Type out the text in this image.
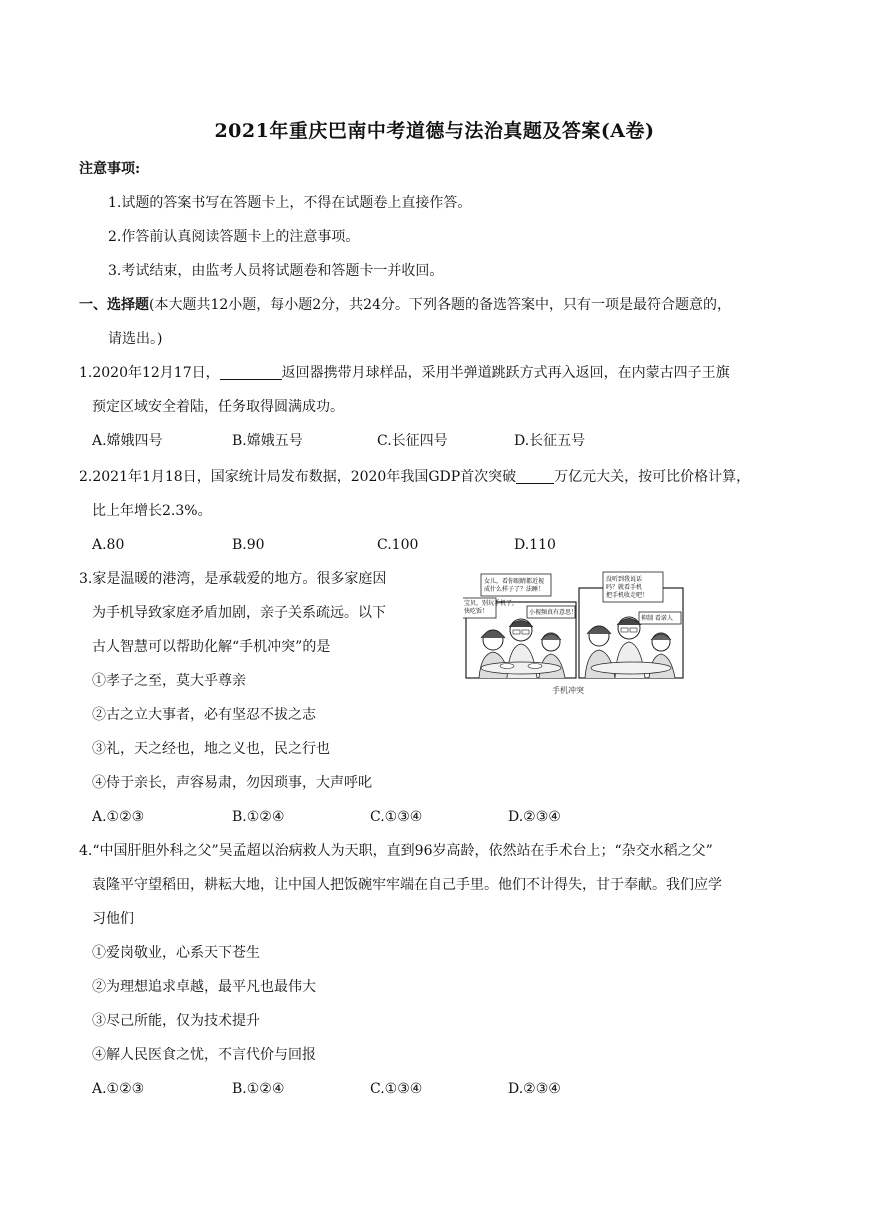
2021年重庆巴南中考道德与法治真题及答案(A卷)
注意事项:
1.试题的答案书写在答题卡上，不得在试题卷上直接作答。
2.作答前认真阅读答题卡上的注意事项。
3.考试结束，由监考人员将试题卷和答题卡一并收回。
一、选择题(本大题共12小题，每小题2分，共24分。下列各题的备选答案中，只有一项是最符合题意的，
请选出。)
1.2020年12月17日，	返回器携带月球样品，采用半弹道跳跃方式再入返回，在内蒙古四子王旗
预定区域安全着陆，任务取得圆满成功。
A.嫦娥四号	B.嫦娥五号	C.长征四号	D.长征五号
2.2021年1月18日，国家统计局发布数据，2020年我国GDP首次突破	万亿元大关，按可比价格计算，
比上年增长2.3%。
A.80	B.90	C.100	D.110
3.家是温暖的港湾，是承载爱的地方。很多家庭因
为手机导致家庭矛盾加剧，亲子关系疏远。以下
古人智慧可以帮助化解“手机冲突”的是
①孝子之至，莫大乎尊亲
②古之立大事者，必有坚忍不拔之志
③礼，天之经也，地之义也，民之行也
④侍于亲长，声容易肃，勿因琐事，大声呼叱
A.①②③	B.①②④	C.①③④	D.②③④
女儿，看你眼睛都近视
成什么样子了？法睡！
宝贝，别玩手机了，
快吃饭！	小视频真有意思！
没听到我说话
吗？就看手机
把手机收走吧！
抑制 看诺人
手机冲突
4.“中国肝胆外科之父”吴孟超以治病救人为天职，直到96岁高龄，依然站在手术台上；“杂交水稻之父”
袁隆平守望稻田，耕耘大地，让中国人把饭碗牢牢端在自己手里。他们不计得失，甘于奉献。我们应学
习他们
①爱岗敬业，心系天下苍生
②为理想追求卓越，最平凡也最伟大
③尽己所能，仅为技术提升
④解人民医食之忧，不言代价与回报
A.①②③	B.①②④	C.①③④	D.②③④
